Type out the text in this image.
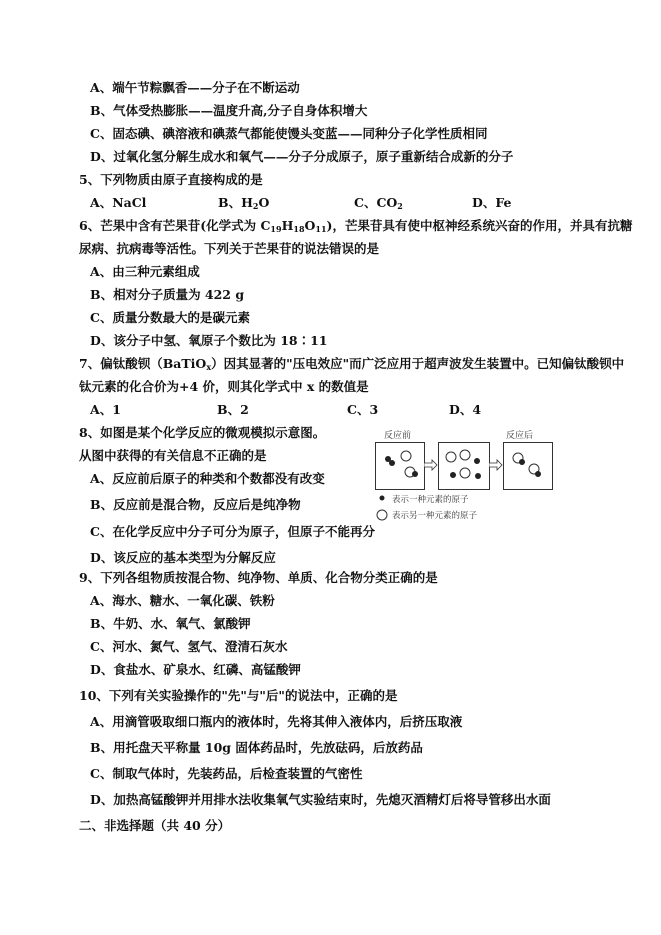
A、端午节粽飘香——分子在不断运动
B、气体受热膨胀——温度升高,分子自身体积增大
C、固态碘、碘溶液和碘蒸气都能使馒头变蓝——同种分子化学性质相同
D、过氧化氢分解生成水和氧气——分子分成原子，原子重新结合成新的分子
5、下列物质由原子直接构成的是
A、NaCl	B、$H_2O$	C、$CO_2$	D、Fe
6、芒果中含有芒果苷(化学式为 $C_{19}H_{18}O_{11}$)，芒果苷具有使中枢神经系统兴奋的作用，并具有抗糖
尿病、抗病毒等活性。下列关于芒果苷的说法错误的是
A、由三种元素组成
B、相对分子质量为 422 g
C、质量分数最大的是碳元素
D、该分子中氢、氧原子个数比为 18∶11
7、偏钛酸钡（BaTiO$_x$）因其显著的"压电效应"而广泛应用于超声波发生装置中。已知偏钛酸钡中
钛元素的化合价为+4 价，则其化学式中 x 的数值是
A、1	B、2	C、3	D、4
8、如图是某个化学反应的微观模拟示意图。
从图中获得的有关信息不正确的是
A、反应前后原子的种类和个数都没有改变
B、反应前是混合物，反应后是纯净物
C、在化学反应中分子可分为原子，但原子不能再分
D、该反应的基本类型为分解反应
反应前	反应后
表示一种元素的原子
表示另一种元素的原子
9、下列各组物质按混合物、纯净物、单质、化合物分类正确的是
A、海水、糖水、一氧化碳、铁粉
B、牛奶、水、氧气、氯酸钾
C、河水、氮气、氢气、澄清石灰水
D、食盐水、矿泉水、红磷、高锰酸钾
10、下列有关实验操作的"先"与"后"的说法中，正确的是
A、用滴管吸取细口瓶内的液体时，先将其伸入液体内，后挤压取液
B、用托盘天平称量 10g 固体药品时，先放砝码，后放药品
C、制取气体时，先装药品，后检查装置的气密性
D、加热高锰酸钾并用排水法收集氧气实验结束时，先熄灭酒精灯后将导管移出水面
二、非选择题（共 40 分）
